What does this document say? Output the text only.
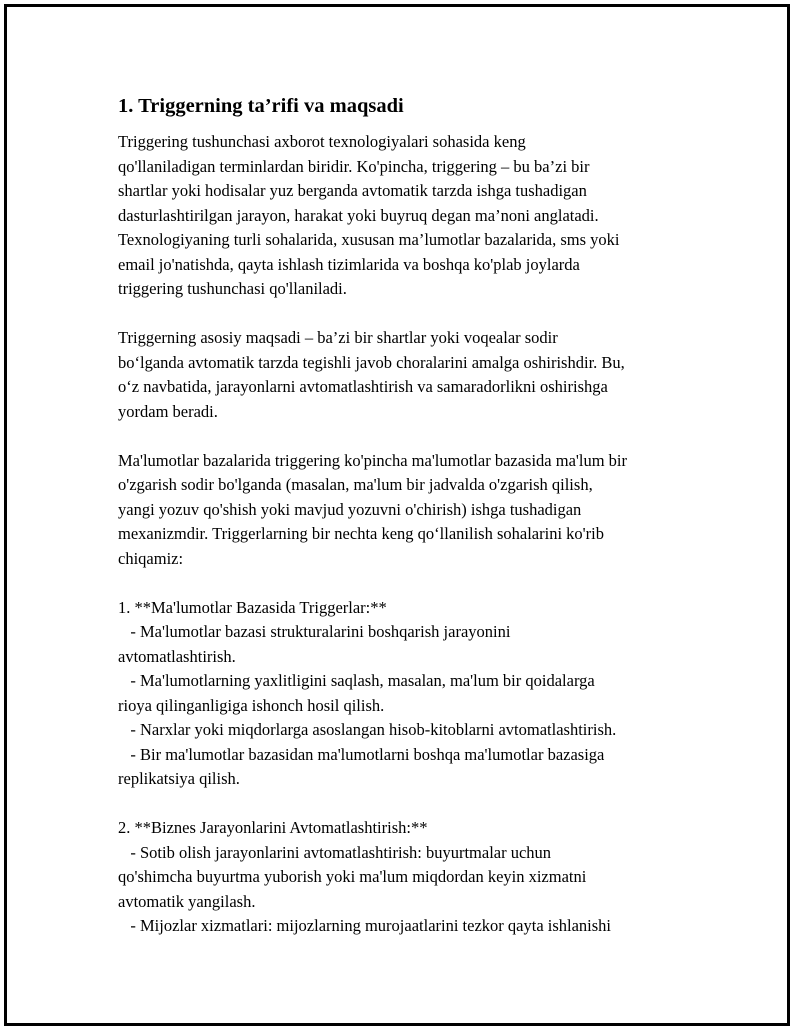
1. Triggerning ta’rifi va maqsadi
Triggering tushunchasi axborot texnologiyalari sohasida keng
qo'llaniladigan terminlardan biridir. Ko'pincha, triggering – bu ba’zi bir
shartlar yoki hodisalar yuz berganda avtomatik tarzda ishga tushadigan
dasturlashtirilgan jarayon, harakat yoki buyruq degan ma’noni anglatadi.
Texnologiyaning turli sohalarida, xususan ma’lumotlar bazalarida, sms yoki
email jo'natishda, qayta ishlash tizimlarida va boshqa ko'plab joylarda
triggering tushunchasi qo'llaniladi.
Triggerning asosiy maqsadi – ba’zi bir shartlar yoki voqealar sodir
bo‘lganda avtomatik tarzda tegishli javob choralarini amalga oshirishdir. Bu,
o‘z navbatida, jarayonlarni avtomatlashtirish va samaradorlikni oshirishga
yordam beradi.
Ma'lumotlar bazalarida triggering ko'pincha ma'lumotlar bazasida ma'lum bir
o'zgarish sodir bo'lganda (masalan, ma'lum bir jadvalda o'zgarish qilish,
yangi yozuv qo'shish yoki mavjud yozuvni o'chirish) ishga tushadigan
mexanizmdir. Triggerlarning bir nechta keng qo‘llanilish sohalarini ko'rib
chiqamiz:
1. **Ma'lumotlar Bazasida Triggerlar:**
- Ma'lumotlar bazasi strukturalarini boshqarish jarayonini
avtomatlashtirish.
- Ma'lumotlarning yaxlitligini saqlash, masalan, ma'lum bir qoidalarga
rioya qilinganligiga ishonch hosil qilish.
- Narxlar yoki miqdorlarga asoslangan hisob-kitoblarni avtomatlashtirish.
- Bir ma'lumotlar bazasidan ma'lumotlarni boshqa ma'lumotlar bazasiga
replikatsiya qilish.
2. **Biznes Jarayonlarini Avtomatlashtirish:**
- Sotib olish jarayonlarini avtomatlashtirish: buyurtmalar uchun
qo'shimcha buyurtma yuborish yoki ma'lum miqdordan keyin xizmatni
avtomatik yangilash.
- Mijozlar xizmatlari: mijozlarning murojaatlarini tezkor qayta ishlanishi
